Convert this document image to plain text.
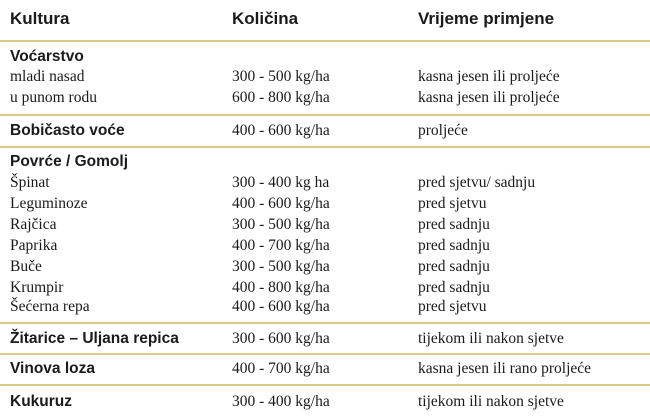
Kultura	Količina	Vrijeme primjene
Voćarstvo
mladi nasad	300 - 500 kg/ha	kasna jesen ili proljeće
u punom rodu	600 - 800 kg/ha	kasna jesen ili proljeće
Bobičasto voće	400 - 600 kg/ha	proljeće
Povrće / Gomolj
Špinat	300 - 400 kg ha	pred sjetvu/ sadnju
Leguminoze	400 - 600 kg/ha	pred sjetvu
Rajčica	300 - 500 kg/ha	pred sadnju
Paprika	400 - 700 kg/ha	pred sadnju
Buče	300 - 500 kg/ha	pred sadnju
Krumpir	400 - 800 kg/ha	pred sadnju
Šećerna repa	400 - 600 kg/ha	pred sjetvu
Žitarice – Uljana repica	300 - 600 kg/ha	tijekom ili nakon sjetve
Vinova loza	400 - 700 kg/ha	kasna jesen ili rano proljeće
Kukuruz	300 - 400 kg/ha	tijekom ili nakon sjetve
